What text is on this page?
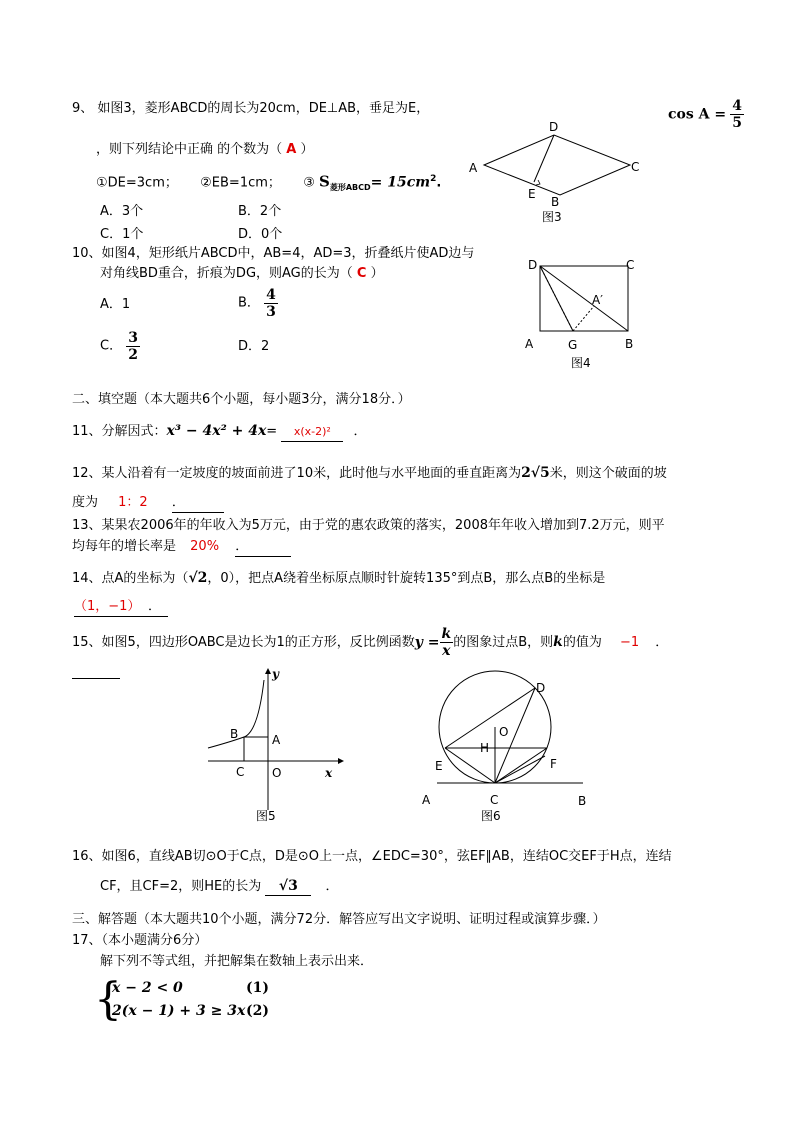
$\cos A = \frac{4}{5}$
9、 如图3，菱形ABCD的周长为20cm，DE⊥AB，垂足为E，
，则下列结论中正确 的个数为（ A ）
①DE=3cm； ②EB=1cm； ③ $S_{菱形ABCD}= 15cm^2$.
A．3个	B．2个
C．1个	D．0个
A
D
C
E
B
图3
10、如图4，矩形纸片ABCD中，AB=4，AD=3，折叠纸片使AD边与
对角线BD重合，折痕为DG，则AG的长为（ C ）
A．1	B． $\frac{4}{3}$
C． $\frac{3}{2}$	D．2
D	C
A′
A	G	B
图4
二、填空题（本大题共6个小题，每小题3分，满分18分．）
11、分解因式：x³ − 4x² + 4x= x(x-2)² ．
12、某人沿着有一定坡度的坡面前进了10米，此时他与水平地面的垂直距离为2√5米，则这个破面的坡
度为 1：2 ．
13、某果农2006年的年收入为5万元，由于党的惠农政策的落实，2008年年收入增加到7.2万元，则平
均每年的增长率是 20% ．
14、点A的坐标为（√2，0），把点A绕着坐标原点顺时针旋转135°到点B，那么点B的坐标是
（1，−1） ．
15、如图5，四边形OABC是边长为1的正方形，反比例函数$y = \frac{k}{x}$ 的图象过点B，则k的值为 −1 ．
y
x
B	A
C O
图5
D
O
H
E	F
A	C	B
图6
16、如图6，直线AB切⊙O于C点，D是⊙O上一点，∠EDC=30°，弦EF∥AB，连结OC交EF于H点，连结
CF，且CF=2，则HE的长为 √3 ．
三、解答题（本大题共10个小题，满分72分．解答应写出文字说明、证明过程或演算步骤．）
17、（本小题满分6分）
解下列不等式组，并把解集在数轴上表示出来．
{
x − 2 < 0	(1)
2(x − 1) + 3 ≥ 3x (2)
